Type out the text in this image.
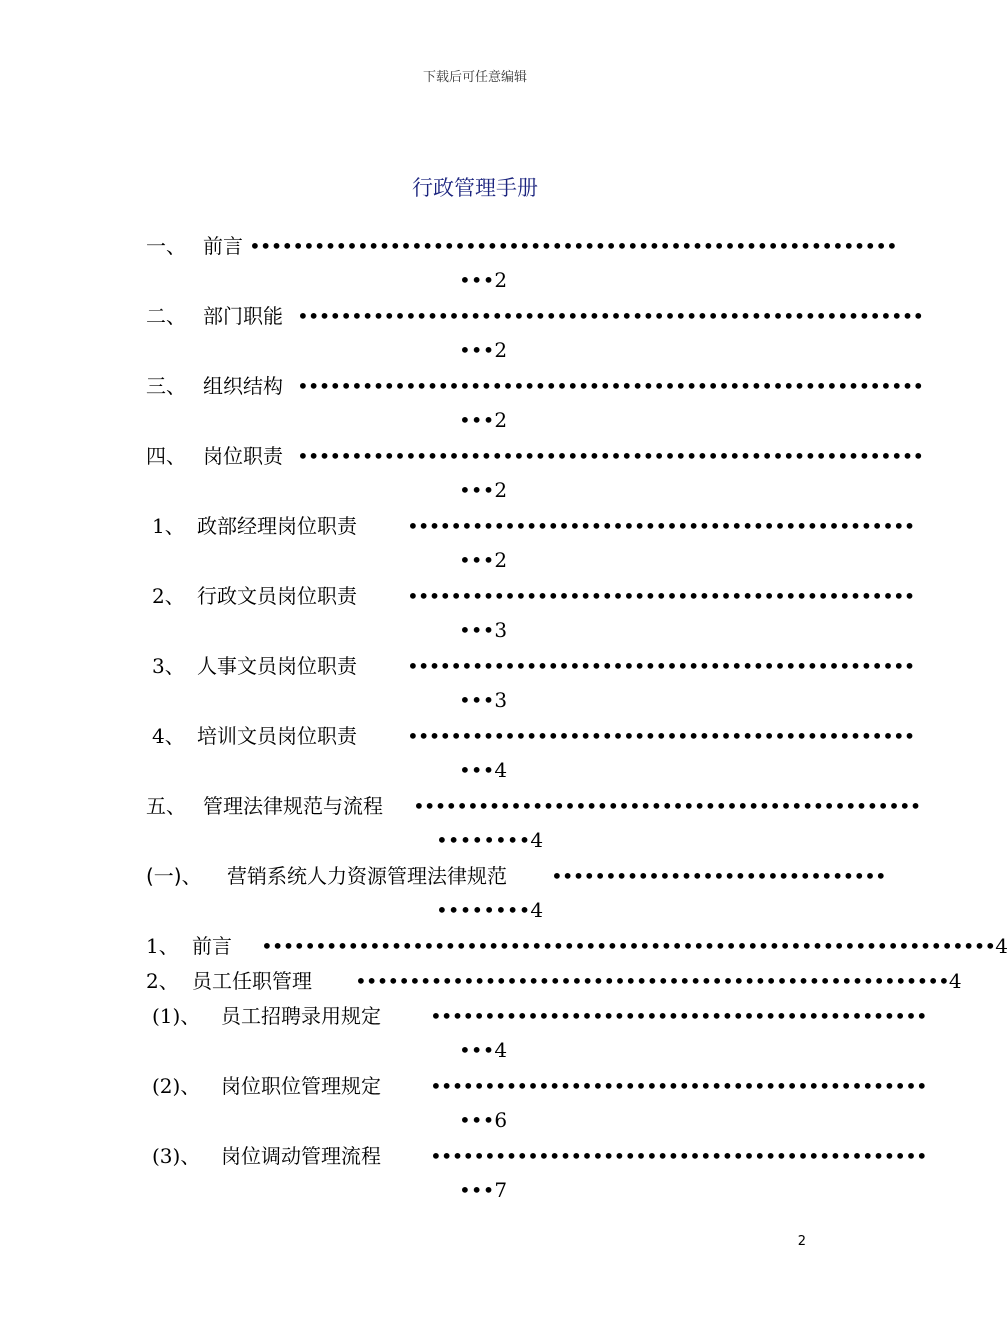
下载后可任意编辑
行政管理手册
一、 前言 ••••••••••••••••••••••••••••••••••••••••••••••••••••••••••••
•••2
二、 部门职能 ••••••••••••••••••••••••••••••••••••••••••••••••••••••••••
•••2
三、 组织结构 ••••••••••••••••••••••••••••••••••••••••••••••••••••••••••
•••2
四、 岗位职责 ••••••••••••••••••••••••••••••••••••••••••••••••••••••••••
•••2
1、 政部经理岗位职责	•••••••••••••••••••••••••••••••••••••••••••••••
•••2
2、 行政文员岗位职责	•••••••••••••••••••••••••••••••••••••••••••••••
•••3
3、 人事文员岗位职责	•••••••••••••••••••••••••••••••••••••••••••••••
•••3
4、 培训文员岗位职责	•••••••••••••••••••••••••••••••••••••••••••••••
•••4
五、 管理法律规范与流程 •••••••••••••••••••••••••••••••••••••••••••••••
••••••••4
(一)、 营销系统人力资源管理法律规范 •••••••••••••••••••••••••••••••
••••••••4
1、 前言 ••••••••••••••••••••••••••••••••••••••••••••••••••••••••••••••••••••4
2、 员工任职管理 •••••••••••••••••••••••••••••••••••••••••••••••••••••••4
(1)、 员工招聘录用规定 ••••••••••••••••••••••••••••••••••••••••••••••
•••4
(2)、 岗位职位管理规定 ••••••••••••••••••••••••••••••••••••••••••••••
•••6
(3)、 岗位调动管理流程 ••••••••••••••••••••••••••••••••••••••••••••••
•••7
2
